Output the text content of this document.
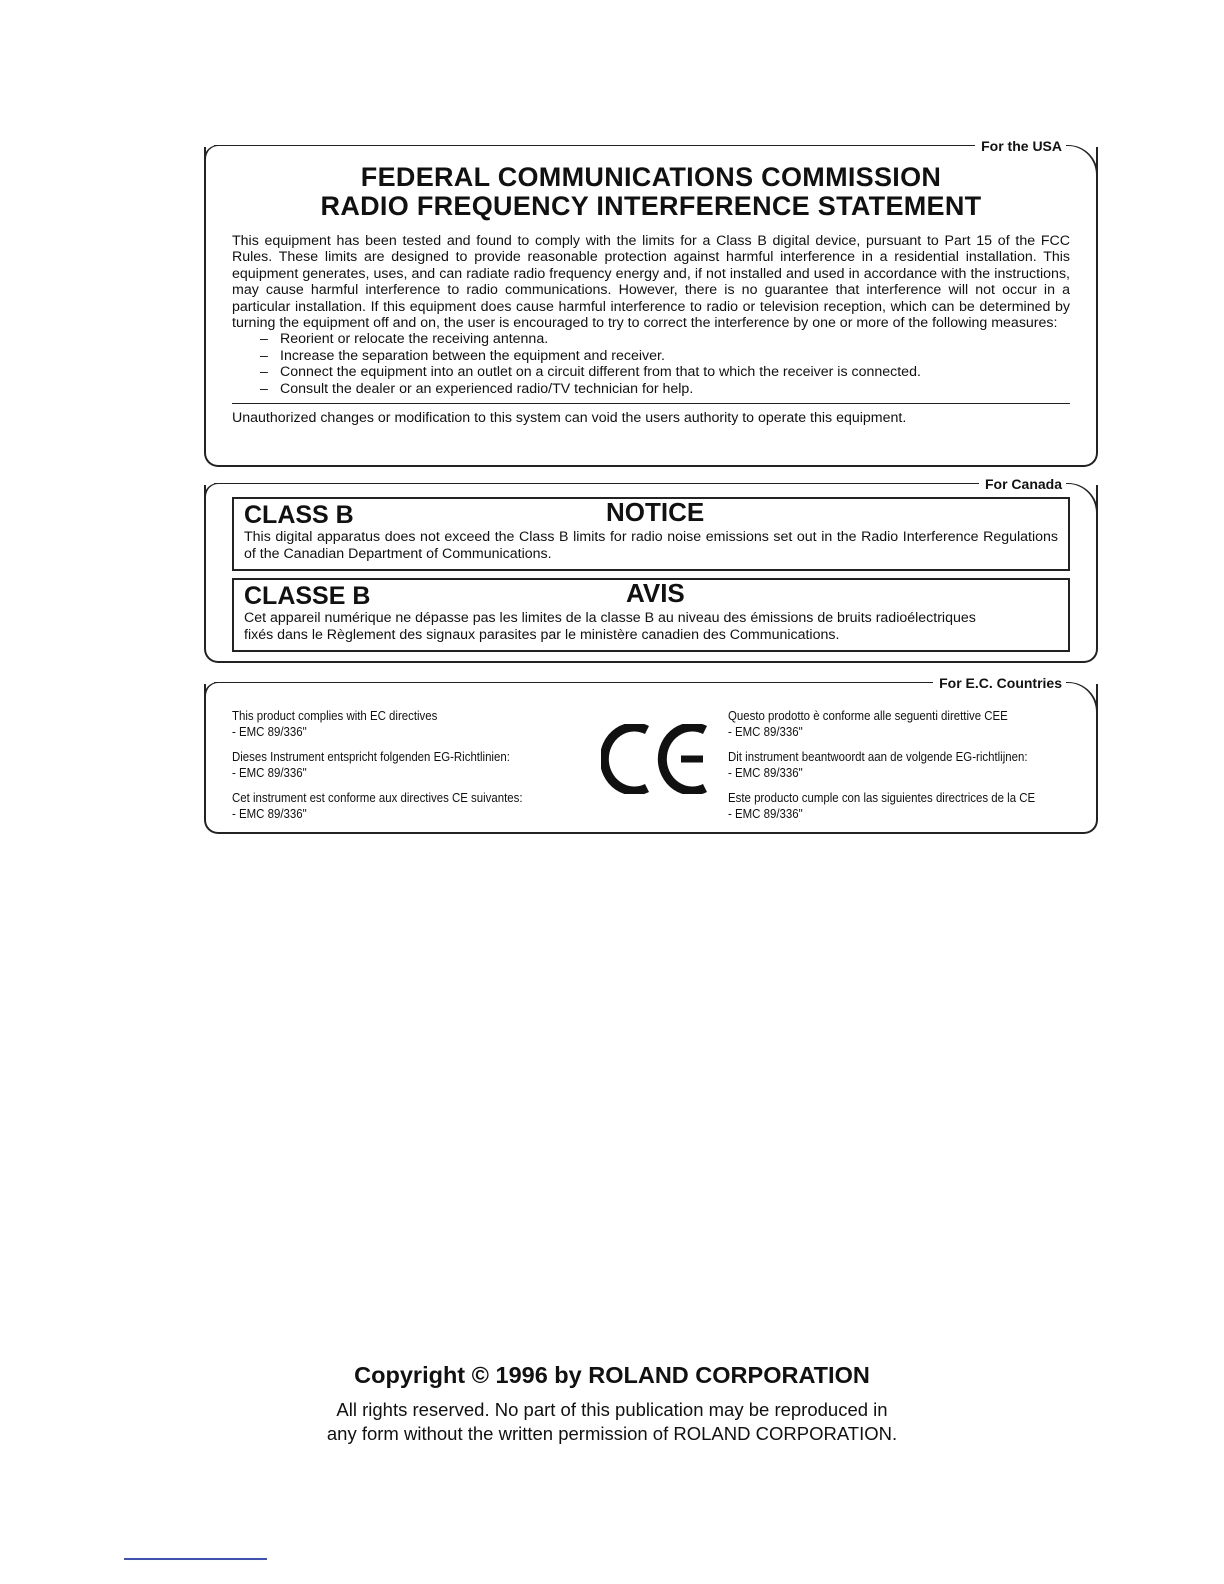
For the USA
FEDERAL COMMUNICATIONS COMMISSION
RADIO FREQUENCY INTERFERENCE STATEMENT

This equipment has been tested and found to comply with the limits for a Class B digital device, pursuant to Part 15 of the FCC Rules. These limits are designed to provide reasonable protection against harmful interference in a residential installation. This equipment generates, uses, and can radiate radio frequency energy and, if not installed and used in accordance with the instructions, may cause harmful interference to radio communications. However, there is no guarantee that interference will not occur in a particular installation. If this equipment does cause harmful interference to radio or television reception, which can be determined by turning the equipment off and on, the user is encouraged to try to correct the interference by one or more of the following measures:

– Reorient or relocate the receiving antenna.
– Increase the separation between the equipment and receiver.
– Connect the equipment into an outlet on a circuit different from that to which the receiver is connected.
– Consult the dealer or an experienced radio/TV technician for help.

Unauthorized changes or modification to this system can void the users authority to operate this equipment.

For Canada
CLASS B	NOTICE

This digital apparatus does not exceed the Class B limits for radio noise emissions set out in the Radio Interference Regulations of the Canadian Department of Communications.

CLASSE B	AVIS

Cet appareil numérique ne dépasse pas les limites de la classe B au niveau des émissions de bruits radioélectriques

fixés dans le Règlement des signaux parasites par le ministère canadien des Communications.

For E.C. Countries

This product complies with EC directives
- EMC 89/336"

Dieses Instrument entspricht folgenden EG-Richtlinien:
- EMC 89/336"

Cet instrument est conforme aux directives CE suivantes:
- EMC 89/336"

Questo prodotto è conforme alle seguenti direttive CEE
- EMC 89/336"

Dit instrument beantwoordt aan de volgende EG-richtlijnen:
- EMC 89/336"

Este producto cumple con las siguientes directrices de la CE
- EMC 89/336"

Copyright © 1996 by ROLAND CORPORATION

All rights reserved. No part of this publication may be reproduced in

any form without the written permission of ROLAND CORPORATION.
